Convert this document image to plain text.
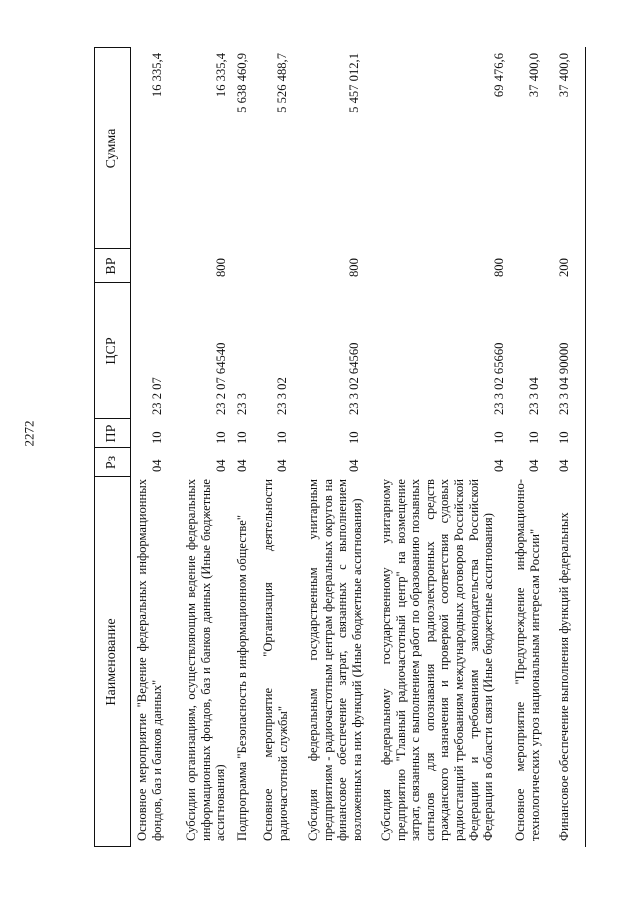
2272
Наименование
Рз
ПР
ЦСР
ВР
Сумма
Основное мероприятие "Ведение федеральных информационных фондов, баз и банков данных"
04
10
23 2 07
16 335,4
Субсидии организациям, осуществляющим ведение федеральных информационных фондов, баз и банков данных (Иные бюджетные ассигнования)
04
10
23 2 07 64540
800
16 335,4
Подпрограмма "Безопасность в информационном обществе"
04
10
23 3
5 638 460,9
Основное мероприятие "Организация деятельности радиочастотной службы"
04
10
23 3 02
5 526 488,7
Субсидия федеральным государственным унитарным предприятиям - радиочастотным центрам федеральных округов на финансовое обеспечение затрат, связанных с выполнением возложенных на них функций (Иные бюджетные ассигнования)
04
10
23 3 02 64560
800
5 457 012,1
Субсидия федеральному государственному унитарному предприятию "Главный радиочастотный центр" на возмещение затрат, связанных с выполнением работ по образованию позывных сигналов для опознавания радиоэлектронных средств гражданского назначения и проверкой соответствия судовых радиостанций требованиям международных договоров Российской Федерации и требованиям законодательства Российской Федерации в области связи (Иные бюджетные ассигнования)
04
10
23 3 02 65660
800
69 476,6
Основное мероприятие "Предупреждение информационно-технологических угроз национальным интересам России"
04
10
23 3 04
37 400,0
Финансовое обеспечение выполнения функций федеральных
04
10
23 3 04 90000
200
37 400,0
